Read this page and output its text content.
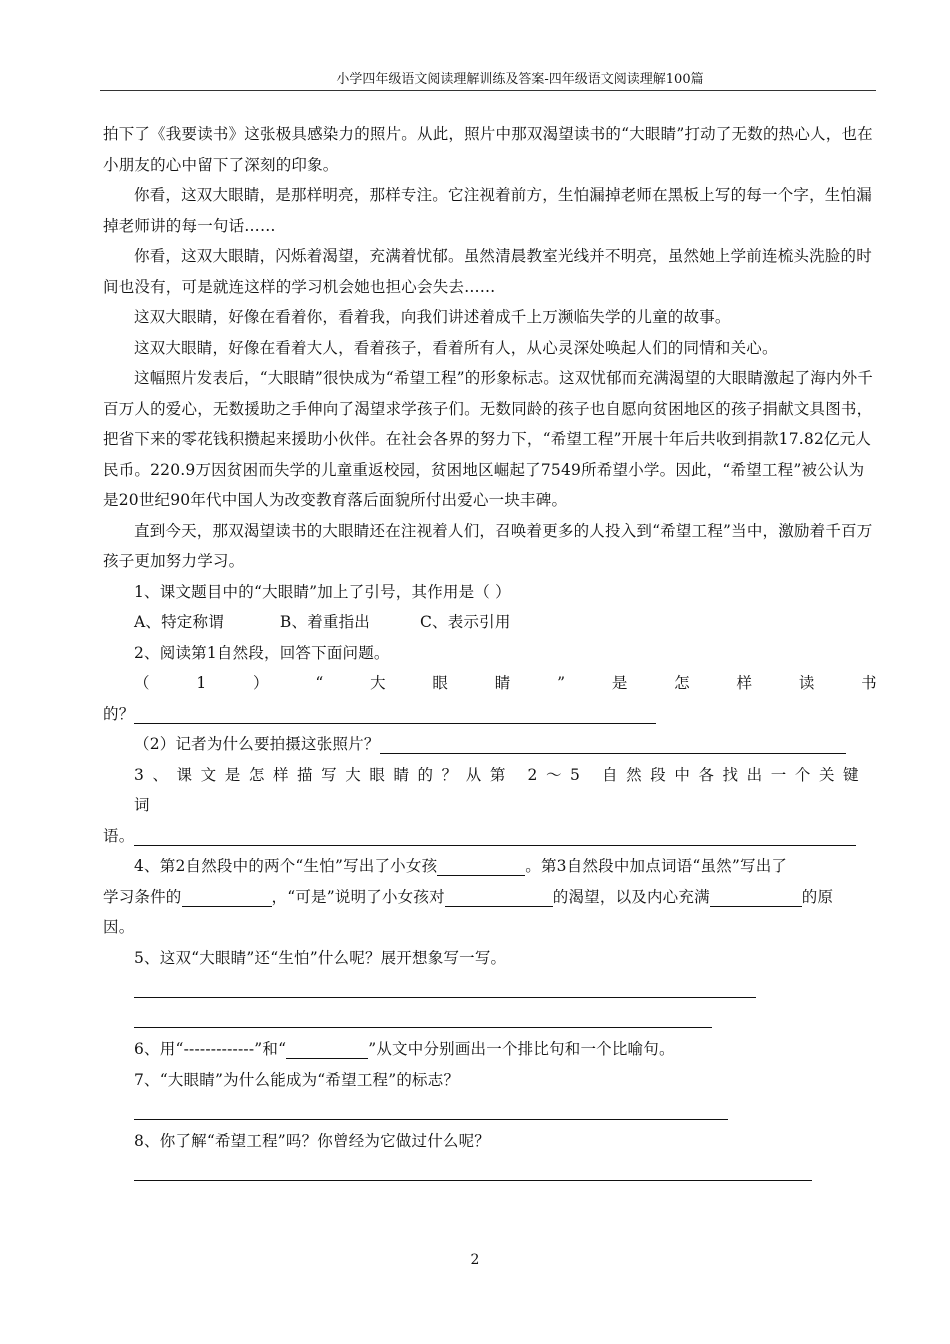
小学四年级语文阅读理解训练及答案-四年级语文阅读理解100篇

拍下了《我要读书》这张极具感染力的照片。从此，照片中那双渴望读书的“大眼睛”打动了无数的热心人，也在小朋友的心中留下了深刻的印象。

你看，这双大眼睛，是那样明亮，那样专注。它注视着前方，生怕漏掉老师在黑板上写的每一个字，生怕漏掉老师讲的每一句话……

你看，这双大眼睛，闪烁着渴望，充满着忧郁。虽然清晨教室光线并不明亮，虽然她上学前连梳头洗脸的时间也没有，可是就连这样的学习机会她也担心会失去……

这双大眼睛，好像在看着你，看着我，向我们讲述着成千上万濒临失学的儿童的故事。

这双大眼睛，好像在看着大人，看着孩子，看着所有人，从心灵深处唤起人们的同情和关心。

这幅照片发表后，“大眼睛”很快成为“希望工程”的形象标志。这双忧郁而充满渴望的大眼睛激起了海内外千百万人的爱心，无数援助之手伸向了渴望求学孩子们。无数同龄的孩子也自愿向贫困地区的孩子捐献文具图书，把省下来的零花钱积攒起来援助小伙伴。在社会各界的努力下，“希望工程”开展十年后共收到捐款17.82亿元人民币。220.9万因贫困而失学的儿童重返校园，贫困地区崛起了7549所希望小学。因此，“希望工程”被公认为是20世纪90年代中国人为改变教育落后面貌所付出爱心一块丰碑。

直到今天，那双渴望读书的大眼睛还在注视着人们，召唤着更多的人投入到“希望工程”当中，激励着千百万孩子更加努力学习。

1、课文题目中的“大眼睛”加上了引号，其作用是（ ）

A、特定称谓	B、着重指出	C、表示引用

2、阅读第1自然段，回答下面问题。

（	1	）	“	大	眼	睛	”	是	怎	样	读	书

的？

（2）记者为什么要拍摄这张照片？

3、课文是怎样描写大眼睛的？从第 2～5 自然段中各找出一个关键词

语。

4、第2自然段中的两个“生怕”写出了小女孩	。第3自然段中加点词语“虽然”写出了

学习条件的	，“可是”说明了小女孩对	的渴望，以及内心充满	的原

因。

5、这双“大眼睛”还“生怕”什么呢？展开想象写一写。

6、用“-------------”和“	”从文中分别画出一个排比句和一个比喻句。

7、“大眼睛”为什么能成为“希望工程”的标志？

8、你了解“希望工程”吗？你曾经为它做过什么呢？

2
